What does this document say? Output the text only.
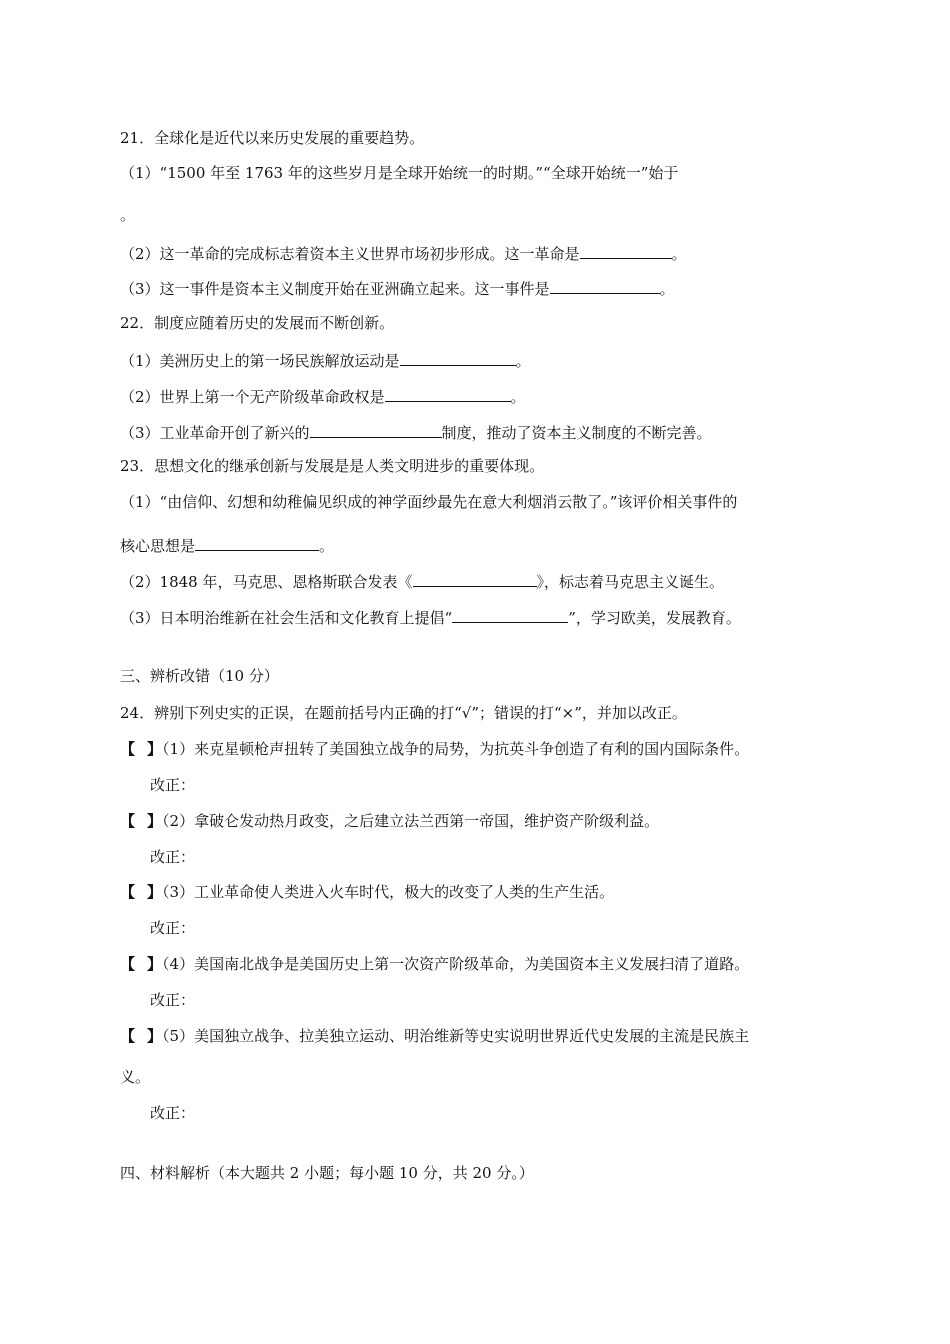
21．全球化是近代以来历史发展的重要趋势。
（1）“1500 年至 1763 年的这些岁月是全球开始统一的时期。”“全球开始统一”始于
。
（2）这一革命的完成标志着资本主义世界市场初步形成。这一革命是	。
（3）这一事件是资本主义制度开始在亚洲确立起来。这一事件是	。
22．制度应随着历史的发展而不断创新。
（1）美洲历史上的第一场民族解放运动是	。
（2）世界上第一个无产阶级革命政权是	。
（3）工业革命开创了新兴的	制度，推动了资本主义制度的不断完善。
23．思想文化的继承创新与发展是是人类文明进步的重要体现。
（1）“由信仰、幻想和幼稚偏见织成的神学面纱最先在意大利烟消云散了。”该评价相关事件的
核心思想是	。
（2）1848 年，马克思、恩格斯联合发表《	》，标志着马克思主义诞生。
（3）日本明治维新在社会生活和文化教育上提倡“	”，学习欧美，发展教育。
三、辨析改错（10 分）
24．辨别下列史实的正误，在题前括号内正确的打“√”；错误的打“×”，并加以改正。
【 】（1）来克星顿枪声扭转了美国独立战争的局势，为抗英斗争创造了有利的国内国际条件。
改正：
【 】（2）拿破仑发动热月政变，之后建立法兰西第一帝国，维护资产阶级利益。
改正：
【 】（3）工业革命使人类进入火车时代，极大的改变了人类的生产生活。
改正：
【 】（4）美国南北战争是美国历史上第一次资产阶级革命，为美国资本主义发展扫清了道路。
改正：
【 】（5）美国独立战争、拉美独立运动、明治维新等史实说明世界近代史发展的主流是民族主
义。
改正：
四、材料解析（本大题共 2 小题；每小题 10 分，共 20 分。）
